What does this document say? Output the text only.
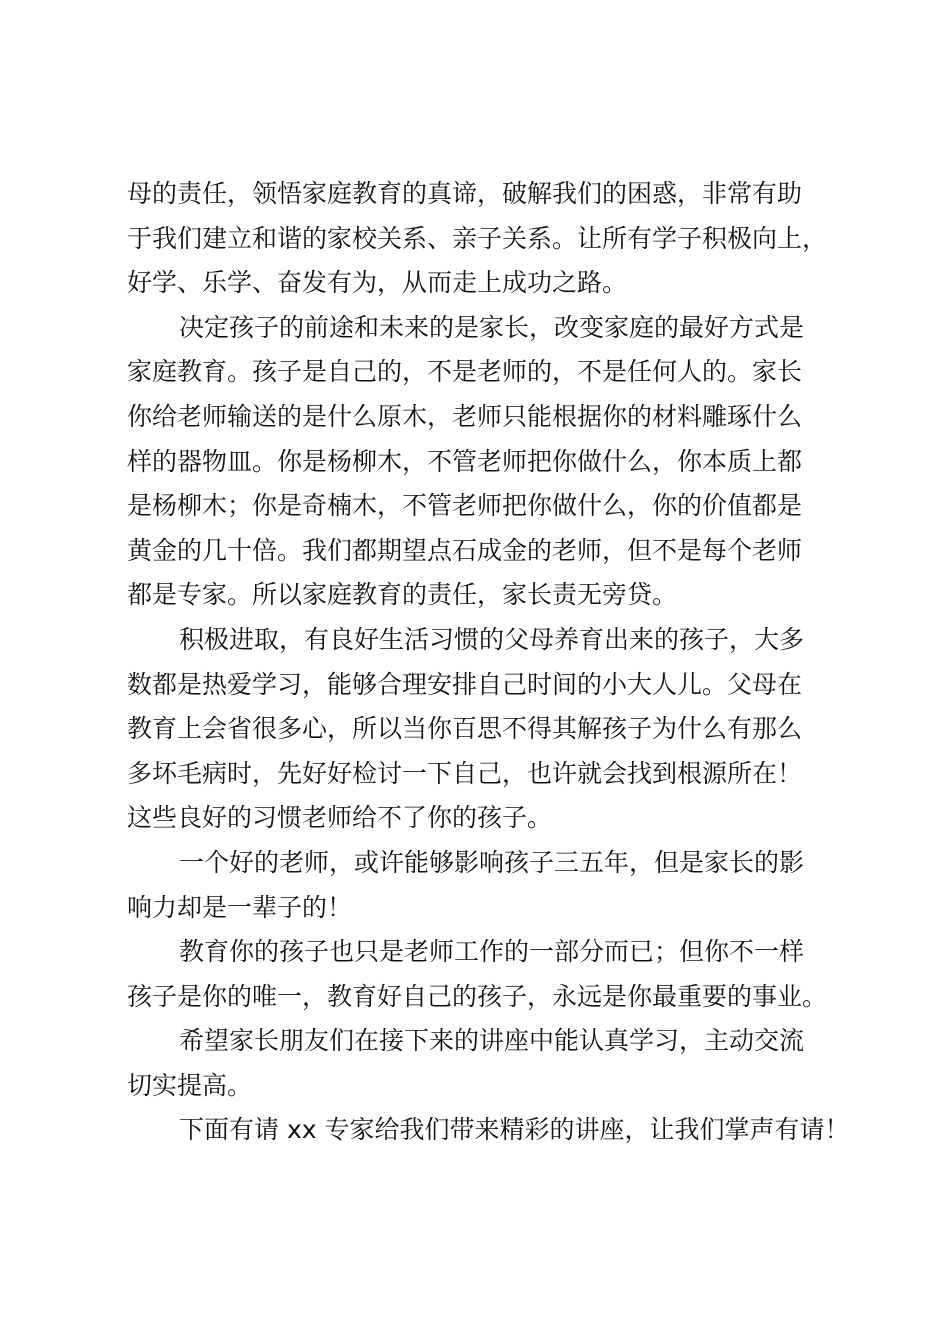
母的责任，领悟家庭教育的真谛，破解我们的困惑，非常有助
于我们建立和谐的家校关系、亲子关系。让所有学子积极向上，
好学、乐学、奋发有为，从而走上成功之路。
决定孩子的前途和未来的是家长，改变家庭的最好方式是
家庭教育。孩子是自己的，不是老师的，不是任何人的。家长
你给老师输送的是什么原木，老师只能根据你的材料雕琢什么
样的器物皿。你是杨柳木，不管老师把你做什么，你本质上都
是杨柳木；你是奇楠木，不管老师把你做什么，你的价值都是
黄金的几十倍。我们都期望点石成金的老师，但不是每个老师
都是专家。所以家庭教育的责任，家长责无旁贷。
积极进取，有良好生活习惯的父母养育出来的孩子，大多
数都是热爱学习，能够合理安排自己时间的小大人儿。父母在
教育上会省很多心，所以当你百思不得其解孩子为什么有那么
多坏毛病时，先好好检讨一下自己，也许就会找到根源所在！
这些良好的习惯老师给不了你的孩子。
一个好的老师，或许能够影响孩子三五年，但是家长的影
响力却是一辈子的！
教育你的孩子也只是老师工作的一部分而已；但你不一样
孩子是你的唯一，教育好自己的孩子，永远是你最重要的事业。
希望家长朋友们在接下来的讲座中能认真学习，主动交流
切实提高。
下面有请 xx 专家给我们带来精彩的讲座，让我们掌声有请！
